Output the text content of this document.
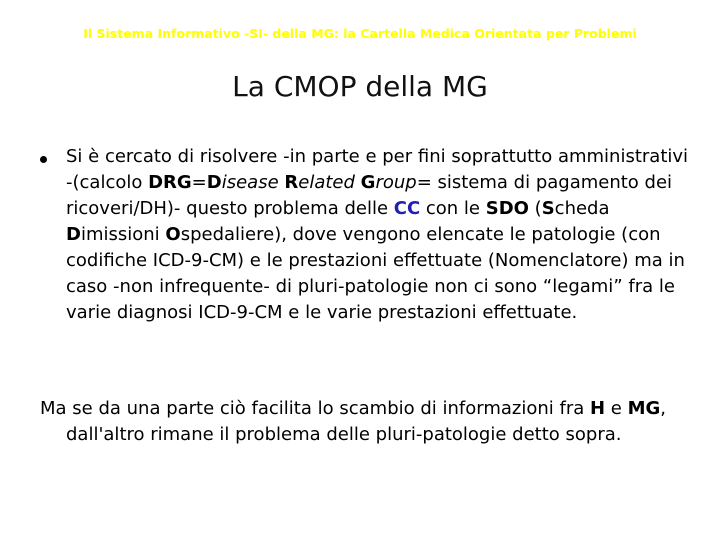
Il Sistema Informativo -SI- della MG: la Cartella Medica Orientata per Problemi
La CMOP della MG
Si è cercato di risolvere -in parte e per fini soprattutto amministrativi -(calcolo DRG=Disease Related Group= sistema di pagamento dei ricoveri/DH)- questo problema delle CC con le SDO (Scheda Dimissioni Ospedaliere), dove vengono elencate le patologie (con codifiche ICD-9-CM) e le prestazioni effettuate (Nomenclatore) ma in caso -non infrequente- di pluri-patologie non ci sono “legami” fra le varie diagnosi ICD-9-CM e le varie prestazioni effettuate.
Ma se da una parte ciò facilita lo scambio di informazioni fra H e MG, dall'altro rimane il problema delle pluri-patologie detto sopra.
